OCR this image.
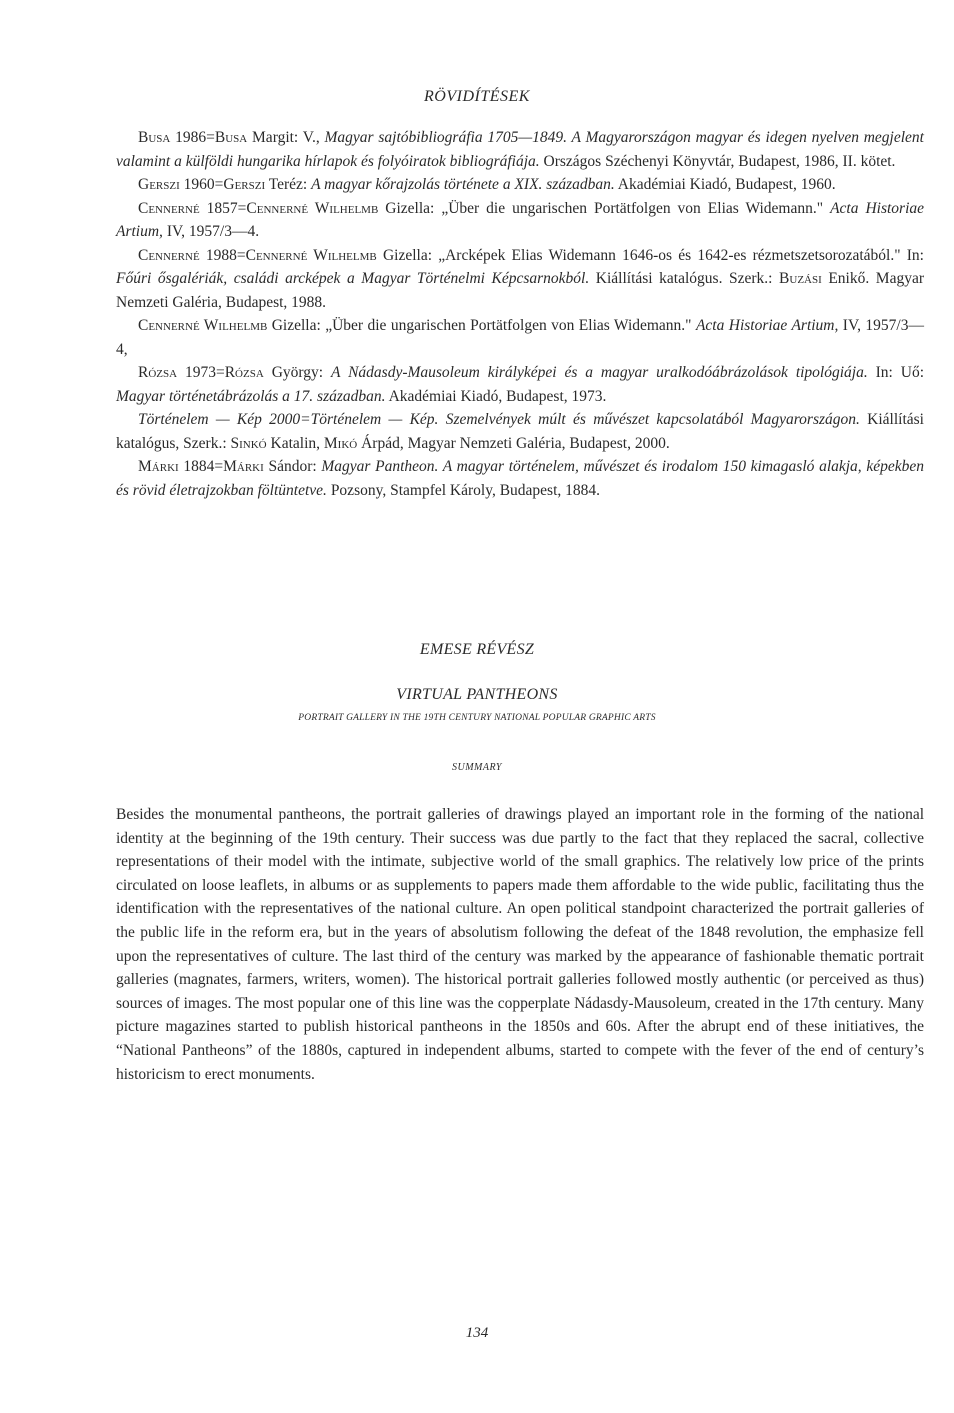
RÖVIDÍTÉSEK

Busa 1986=Busa Margit: V., Magyar sajtóbibliográfia 1705—1849. A Magyarországon magyar és idegen nyelven megjelent valamint a külföldi hungarika hírlapok és folyóiratok bibliográfiája. Országos Széchenyi Könyvtár, Budapest, 1986, II. kötet.

Gerszi 1960=Gerszi Teréz: A magyar kőrajzolás története a XIX. században. Akadémiai Kiadó, Budapest, 1960.

Cennerné 1857=Cennerné Wilhelmb Gizella: „Über die ungarischen Portätfolgen von Elias Widemann." Acta Historiae Artium, IV, 1957/3—4.

Cennerné 1988=Cennerné Wilhelmb Gizella: „Arcképek Elias Widemann 1646-os és 1642-es rézmetszetsorozatából." In: Főúri ősgalériák, családi arcképek a Magyar Történelmi Képcsarnokból. Kiállítási katalógus. Szerk.: Buzási Enikő. Magyar Nemzeti Galéria, Budapest, 1988.

Cennerné Wilhelmb Gizella: „Über die ungarischen Portätfolgen von Elias Widemann." Acta Historiae Artium, IV, 1957/3—4,

Rózsa 1973=Rózsa György: A Nádasdy-Mausoleum királyképei és a magyar uralkodóábrázolások tipológiája. In: Uő: Magyar történetábrázolás a 17. században. Akadémiai Kiadó, Budapest, 1973.

Történelem — Kép 2000=Történelem — Kép. Szemelvények múlt és művészet kapcsolatából Magyarországon. Kiállítási katalógus, Szerk.: Sinkó Katalin, Mikó Árpád, Magyar Nemzeti Galéria, Budapest, 2000.

Márki 1884=Márki Sándor: Magyar Pantheon. A magyar történelem, művészet és irodalom 150 kimagasló alakja, képekben és rövid életrajzokban föltüntetve. Pozsony, Stampfel Károly, Budapest, 1884.

EMESE RÉVÉSZ
VIRTUAL PANTHEONS
PORTRAIT GALLERY IN THE 19TH CENTURY NATIONAL POPULAR GRAPHIC ARTS
SUMMARY

Besides the monumental pantheons, the portrait galleries of drawings played an important role in the forming of the national identity at the beginning of the 19th century. Their success was due partly to the fact that they replaced the sacral, collective representations of their model with the intimate, subjective world of the small graphics. The relatively low price of the prints circulated on loose leaflets, in albums or as supplements to papers made them affordable to the wide public, facilitating thus the identification with the representatives of the national culture. An open political standpoint characterized the portrait galleries of the public life in the reform era, but in the years of absolutism following the defeat of the 1848 revolution, the emphasize fell upon the representatives of culture. The last third of the century was marked by the appearance of fashionable thematic portrait galleries (magnates, farmers, writers, women). The historical portrait galleries followed mostly authentic (or perceived as thus) sources of images. The most popular one of this line was the copperplate Nádasdy-Mausoleum, created in the 17th century. Many picture magazines started to publish historical pantheons in the 1850s and 60s. After the abrupt end of these initiatives, the “National Pantheons” of the 1880s, captured in independent albums, started to compete with the fever of the end of century’s historicism to erect monuments.

134
